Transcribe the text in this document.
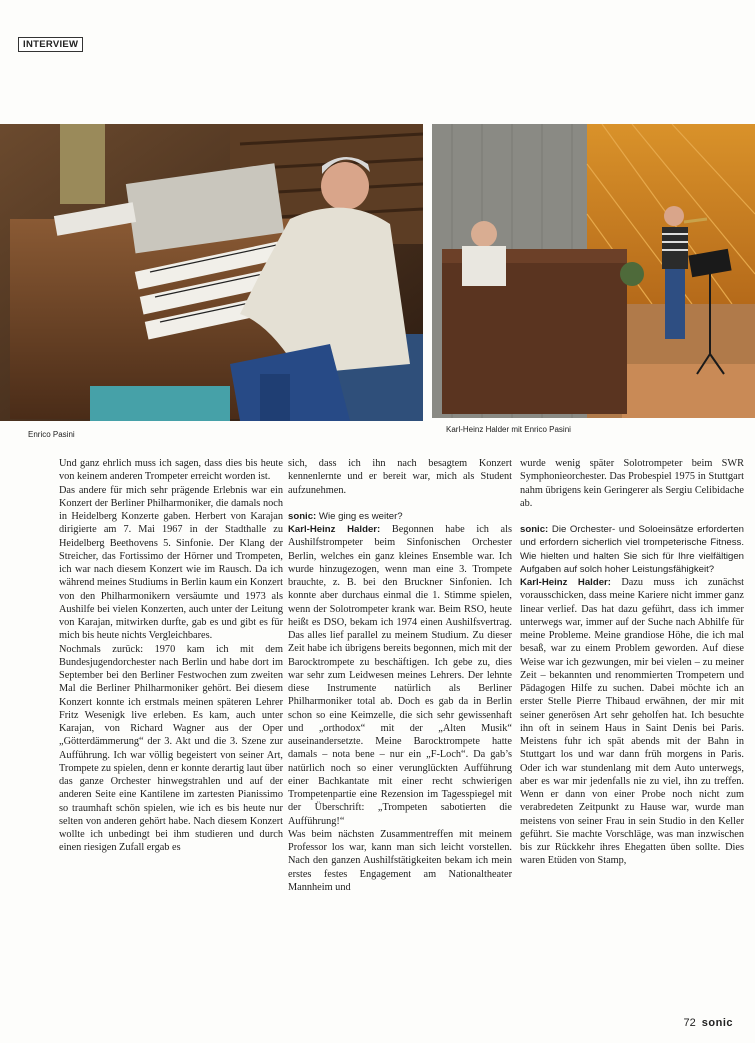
INTERVIEW
Enrico Pasini
Karl-Heinz Halder mit Enrico Pasini

Und ganz ehrlich muss ich sagen, dass dies bis heute von keinem anderen Trompeter erreicht worden ist.

Das andere für mich sehr prägende Erlebnis war ein Konzert der Berliner Philharmoniker, die damals noch in Heidelberg Konzerte gaben. Herbert von Karajan dirigierte am 7. Mai 1967 in der Stadthalle zu Heidelberg Beethovens 5. Sinfonie. Der Klang der Streicher, das Fortissimo der Hörner und Trompeten, ich war nach diesem Konzert wie im Rausch. Da ich während meines Studiums in Berlin kaum ein Konzert von den Philharmonikern versäumte und 1973 als Aushilfe bei vielen Konzerten, auch unter der Leitung von Karajan, mitwirken durfte, gab es und gibt es für mich bis heute nichts Vergleichbares.

Nochmals zurück: 1970 kam ich mit dem Bundesjugendorchester nach Berlin und habe dort im September bei den Berliner Festwochen zum zweiten Mal die Berliner Philharmoniker gehört. Bei diesem Konzert konnte ich erstmals meinen späteren Lehrer Fritz Wesenigk live erleben. Es kam, auch unter Karajan, von Richard Wagner aus der Oper „Götterdämmerung“ der 3. Akt und die 3. Szene zur Aufführung. Ich war völlig begeistert von seiner Art, Trompete zu spielen, denn er konnte derartig laut über das ganze Orchester hinwegstrahlen und auf der anderen Seite eine Kantilene im zartesten Pianissimo so traumhaft schön spielen, wie ich es bis heute nur selten von anderen gehört habe. Nach diesem Konzert wollte ich unbedingt bei ihm studieren und durch einen riesigen Zufall ergab es

sich, dass ich ihn nach besagtem Konzert kennenlernte und er bereit war, mich als Student aufzunehmen.

sonic: Wie ging es weiter?

Karl-Heinz Halder: Begonnen habe ich als Aushilfstrompeter beim Sinfonischen Orchester Berlin, welches ein ganz kleines Ensemble war. Ich wurde hinzugezogen, wenn man eine 3. Trompete brauchte, z. B. bei den Bruckner Sinfonien. Ich konnte aber durchaus einmal die 1. Stimme spielen, wenn der Solotrompeter krank war. Beim RSO, heute heißt es DSO, bekam ich 1974 einen Aushilfsvertrag. Das alles lief parallel zu meinem Studium. Zu dieser Zeit habe ich übrigens bereits begonnen, mich mit der Barocktrompete zu beschäftigen. Ich gebe zu, dies war sehr zum Leidwesen meines Lehrers. Der lehnte diese Instrumente natürlich als Berliner Philharmoniker total ab. Doch es gab da in Berlin schon so eine Keimzelle, die sich sehr gewissenhaft und „orthodox“ mit der „Alten Musik“ auseinandersetzte. Meine Barocktrompete hatte damals – nota bene – nur ein „F-Loch“. Da gab’s natürlich noch so einer verunglückten Aufführung einer Bachkantate mit einer recht schwierigen Trompetenpartie eine Rezension im Tagesspiegel mit der Überschrift: „Trompeten sabotierten die Aufführung!“

Was beim nächsten Zusammentreffen mit meinem Professor los war, kann man sich leicht vorstellen. Nach den ganzen Aushilfstätigkeiten bekam ich mein erstes festes Engagement am Nationaltheater Mannheim und

wurde wenig später Solotrompeter beim SWR Symphonieorchester. Das Probespiel 1975 in Stuttgart nahm übrigens kein Geringerer als Sergiu Celibidache ab.

sonic: Die Orchester- und Soloeinsätze erforderten und erfordern sicherlich viel trompeterische Fitness. Wie hielten und halten Sie sich für Ihre vielfältigen Aufgaben auf solch hoher Leistungsfähigkeit?

Karl-Heinz Halder: Dazu muss ich zunächst vorausschicken, dass meine Kariere nicht immer ganz linear verlief. Das hat dazu geführt, dass ich immer unterwegs war, immer auf der Suche nach Abhilfe für meine Probleme. Meine grandiose Höhe, die ich mal besaß, war zu einem Problem geworden. Auf diese Weise war ich gezwungen, mir bei vielen – zu meiner Zeit – bekannten und renommierten Trompetern und Pädagogen Hilfe zu suchen. Dabei möchte ich an erster Stelle Pierre Thibaud erwähnen, der mir mit seiner generösen Art sehr geholfen hat. Ich besuchte ihn oft in seinem Haus in Saint Denis bei Paris. Meistens fuhr ich spät abends mit der Bahn in Stuttgart los und war dann früh morgens in Paris. Oder ich war stundenlang mit dem Auto unterwegs, aber es war mir jedenfalls nie zu viel, ihn zu treffen. Wenn er dann von einer Probe noch nicht zum verabredeten Zeitpunkt zu Hause war, wurde man meistens von seiner Frau in sein Studio in den Keller geführt. Sie machte Vorschläge, was man inzwischen bis zur Rückkehr ihres Ehegatten üben sollte. Dies waren Etüden von Stamp,

72 sonic
